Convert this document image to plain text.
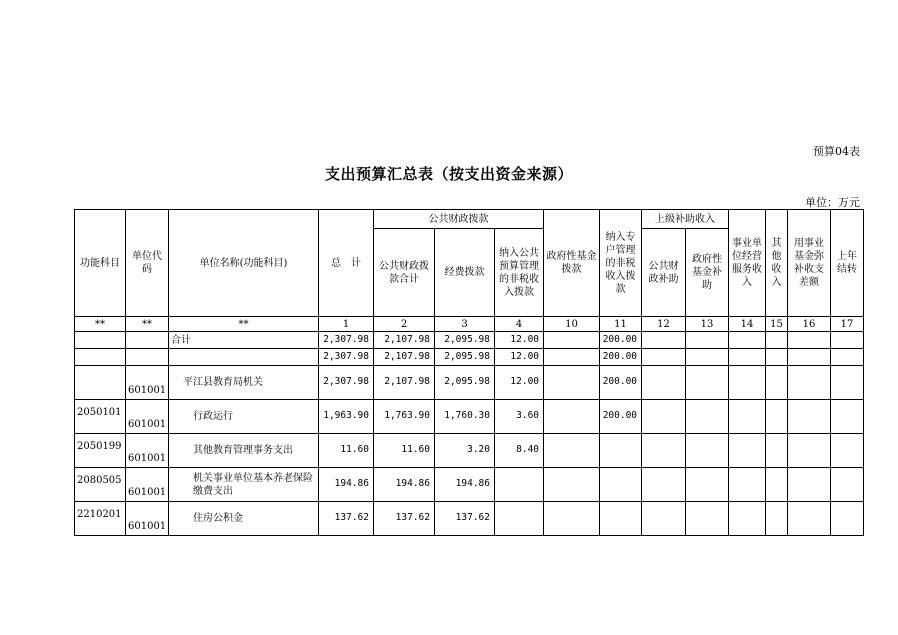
预算04表
支出预算汇总表（按支出资金来源）
单位：万元
功能科目	单位代码	单位名称(功能科目)	总　计	公共财政拨款			政府性基金拨款	纳入专户管理的非税收入拨款	上级补助收入		事业单位经营服务收入	其他收入	用事业基金弥补收支差额	上年结转
				公共财政拨款合计	经费拨款	纳入公共预算管理的非税收入拨款			公共财政补助	政府性基金补助				
**	**	**	1	2	3	4	10	11	12	13	14	15	16	17
		合计	2,307.98	2,107.98	2,095.98	12.00		200.00						
			2,307.98	2,107.98	2,095.98	12.00		200.00						
	601001	平江县教育局机关	2,307.98	2,107.98	2,095.98	12.00		200.00						
2050101	601001	行政运行	1,963.90	1,763.90	1,760.30	3.60		200.00						
2050199	601001	其他教育管理事务支出	11.60	11.60	3.20	8.40								
2080505	601001	机关事业单位基本养老保险缴费支出	194.86	194.86	194.86									
2210201	601001	住房公积金	137.62	137.62	137.62									
